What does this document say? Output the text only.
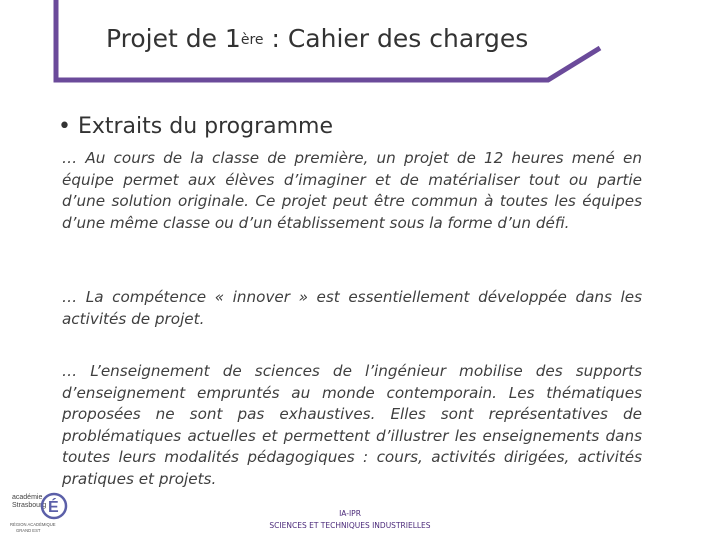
Projet de 1ère : Cahier des charges
• Extraits du programme
… Au cours de la classe de première, un projet de 12 heures mené en équipe permet aux élèves d’imaginer et de matérialiser tout ou partie d’une solution originale. Ce projet peut être commun à toutes les équipes d’une même classe ou d’un établissement sous la forme d’un défi.
… La compétence « innover » est essentiellement développée dans les activités de projet.
… L’enseignement de sciences de l’ingénieur mobilise des supports d’enseignement empruntés au monde contemporain. Les thématiques proposées ne sont pas exhaustives. Elles sont représentatives de problématiques actuelles et permettent d’illustrer les enseignements dans toutes leurs modalités pédagogiques : cours, activités dirigées, activités pratiques et projets.
académie
Strasbourg É
RÉGION ACADÉMIQUE
GRAND EST
IA-IPR
SCIENCES ET TECHNIQUES INDUSTRIELLES
